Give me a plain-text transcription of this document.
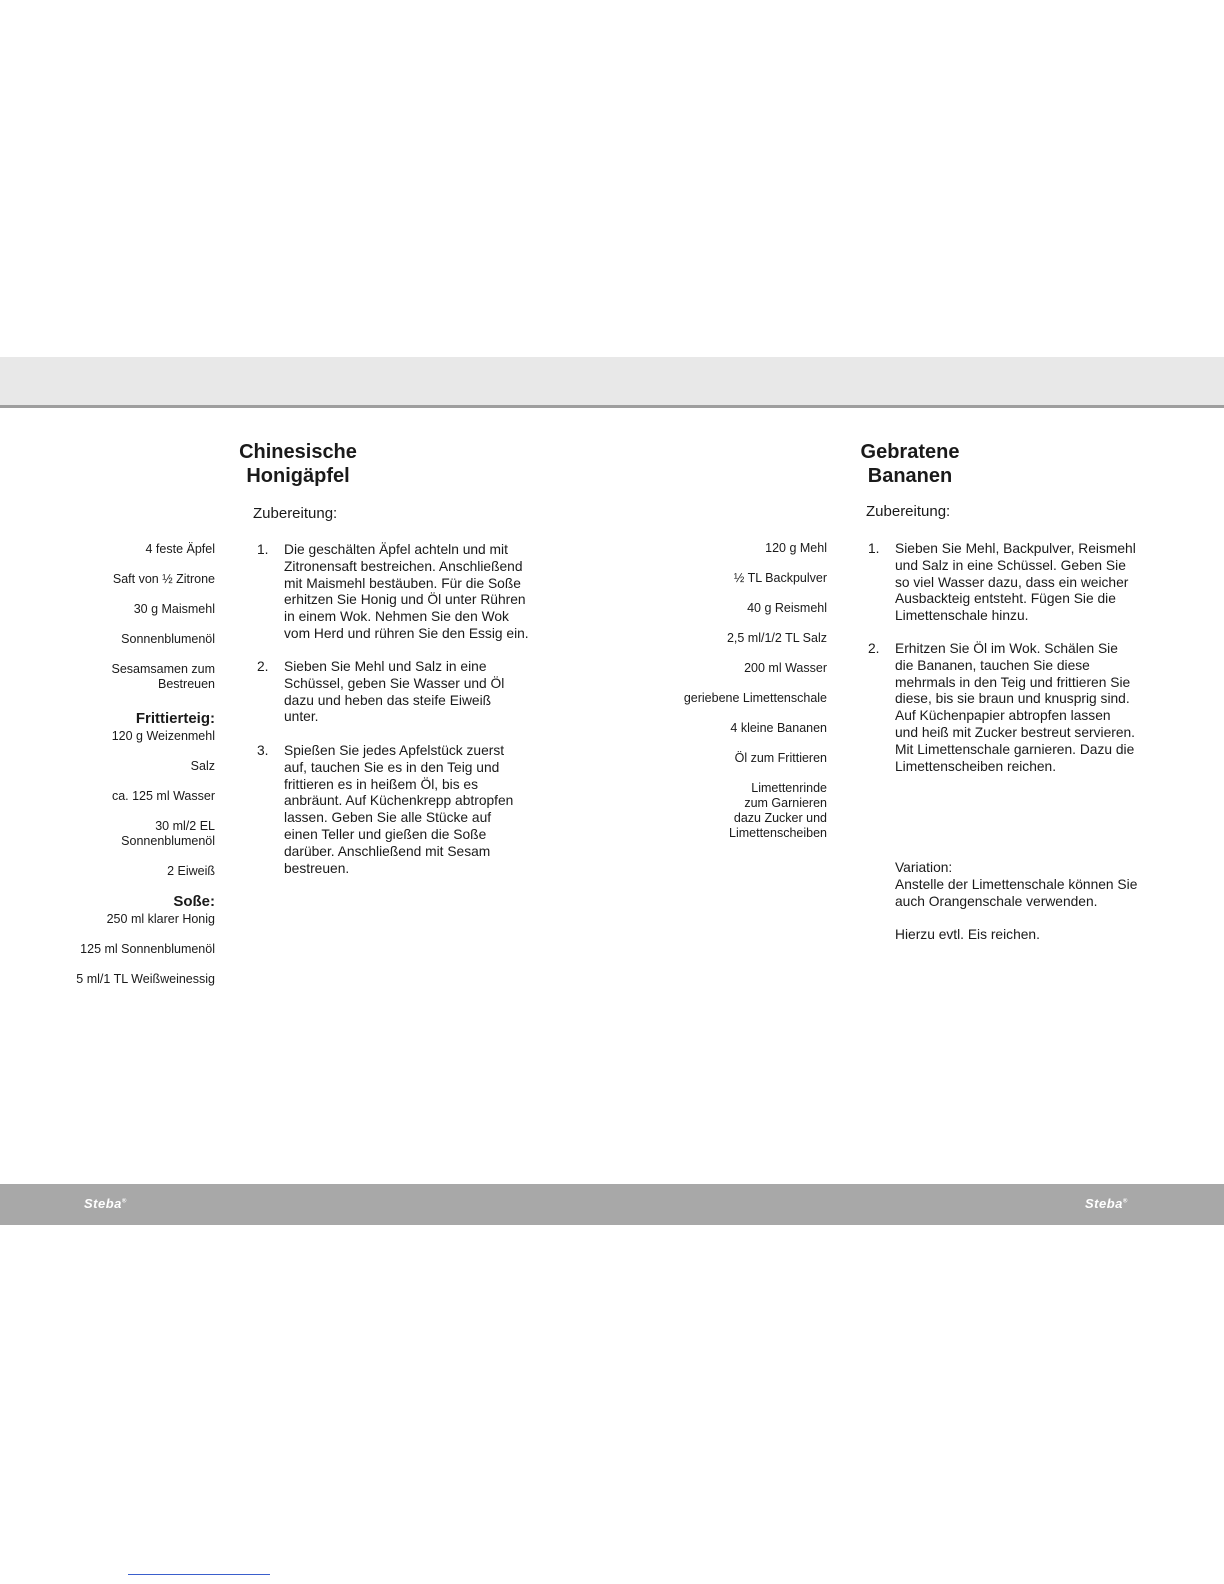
Chinesische
Honigäpfel
Zubereitung:
4 feste Äpfel
Saft von ½ Zitrone
30 g Maismehl
Sonnenblumenöl
Sesamsamen zum
Bestreuen
Frittierteig:
120 g Weizenmehl
Salz
ca. 125 ml Wasser
30 ml/2 EL
Sonnenblumenöl
2 Eiweiß
Soße:
250 ml klarer Honig
125 ml Sonnenblumenöl
5 ml/1 TL Weißweinessig
1. Die geschälten Äpfel achteln und mit
Zitronensaft bestreichen. Anschließend
mit Maismehl bestäuben. Für die Soße
erhitzen Sie Honig und Öl unter Rühren
in einem Wok. Nehmen Sie den Wok
vom Herd und rühren Sie den Essig ein.
2. Sieben Sie Mehl und Salz in eine
Schüssel, geben Sie Wasser und Öl
dazu und heben das steife Eiweiß
unter.
3. Spießen Sie jedes Apfelstück zuerst
auf, tauchen Sie es in den Teig und
frittieren es in heißem Öl, bis es
anbräunt. Auf Küchenkrepp abtropfen
lassen. Geben Sie alle Stücke auf
einen Teller und gießen die Soße
darüber. Anschließend mit Sesam
bestreuen.
Gebratene
Bananen
Zubereitung:
120 g Mehl
½ TL Backpulver
40 g Reismehl
2,5 ml/1/2 TL Salz
200 ml Wasser
geriebene Limettenschale
4 kleine Bananen
Öl zum Frittieren
Limettenrinde
zum Garnieren
dazu Zucker und
Limettenscheiben
1. Sieben Sie Mehl, Backpulver, Reismehl
und Salz in eine Schüssel. Geben Sie
so viel Wasser dazu, dass ein weicher
Ausbackteig entsteht. Fügen Sie die
Limettenschale hinzu.
2. Erhitzen Sie Öl im Wok. Schälen Sie
die Bananen, tauchen Sie diese
mehrmals in den Teig und frittieren Sie
diese, bis sie braun und knusprig sind.
Auf Küchenpapier abtropfen lassen
und heiß mit Zucker bestreut servieren.
Mit Limettenschale garnieren. Dazu die
Limettenscheiben reichen.
Variation:
Anstelle der Limettenschale können Sie
auch Orangenschale verwenden.
Hierzu evtl. Eis reichen.
Steba®	Steba®
